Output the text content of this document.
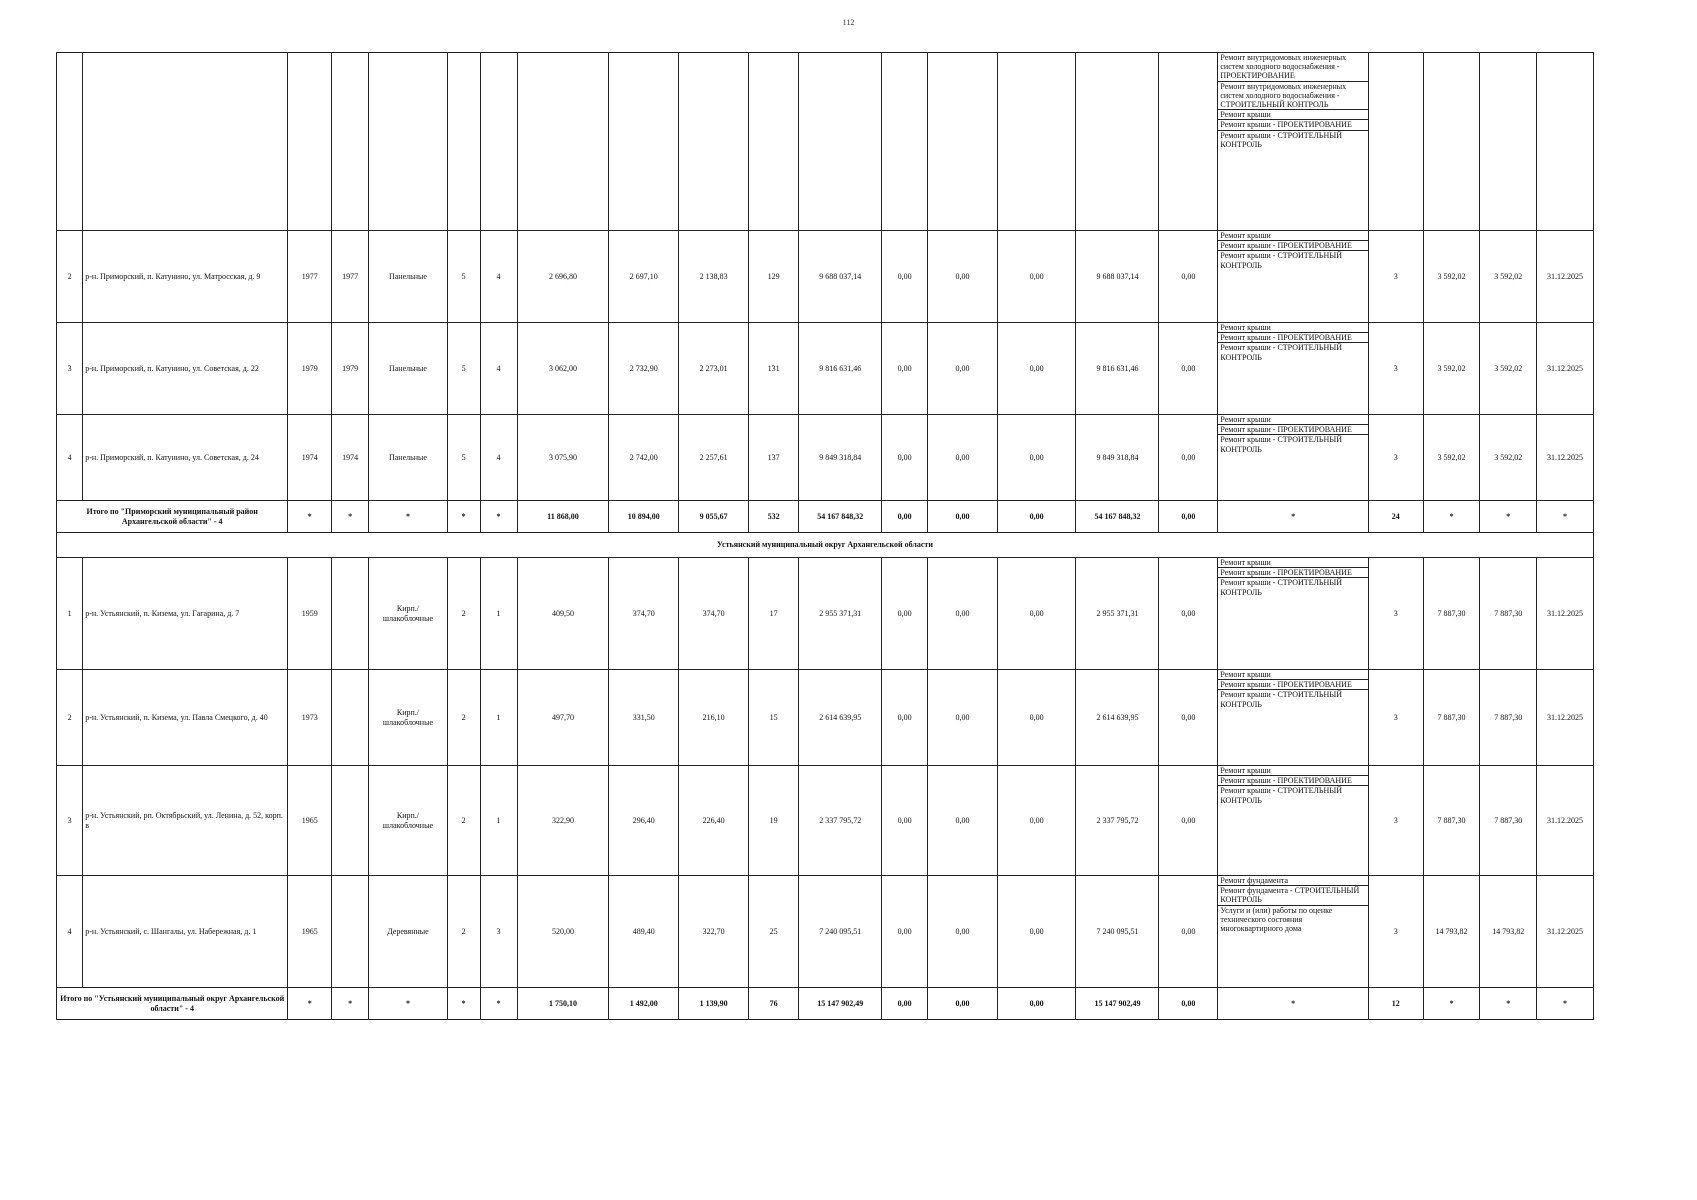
112

Ремонт внутридомовых инженерных систем холодного водоснабжения - ПРОЕКТИРОВАНИЕ
Ремонт внутридомовых инженерных систем холодного водоснабжения - СТРОИТЕЛЬНЫЙ КОНТРОЛЬ
Ремонт крыши
Ремонт крыши - ПРОЕКТИРОВАНИЕ
Ремонт крыши - СТРОИТЕЛЬНЫЙ КОНТРОЛЬ				

2	р-н. Приморский, п. Катунино, ул. Матросская, д. 9	1977	1977	Панельные	5	4	2 696,80	2 697,10	2 138,83	129	9 688 037,14	0,00	0,00	0,00	9 688 037,14	0,00	Ремонт крыши
Ремонт крыши - ПРОЕКТИРОВАНИЕ
Ремонт крыши - СТРОИТЕЛЬНЫЙ КОНТРОЛЬ	3	3 592,02	3 592,02	31.12.2025
3	р-н. Приморский, п. Катунино, ул. Советская, д. 22	1979	1979	Панельные	5	4	3 062,00	2 732,90	2 273,01	131	9 816 631,46	0,00	0,00	0,00	9 816 631,46	0,00	Ремонт крыши
Ремонт крыши - ПРОЕКТИРОВАНИЕ
Ремонт крыши - СТРОИТЕЛЬНЫЙ КОНТРОЛЬ	3	3 592,02	3 592,02	31.12.2025
4	р-н. Приморский, п. Катунино, ул. Советская, д. 24	1974	1974	Панельные	5	4	3 075,90	2 742,00	2 257,61	137	9 849 318,84	0,00	0,00	0,00	9 849 318,84	0,00	Ремонт крыши
Ремонт крыши - ПРОЕКТИРОВАНИЕ
Ремонт крыши - СТРОИТЕЛЬНЫЙ КОНТРОЛЬ	3	3 592,02	3 592,02	31.12.2025
Итого по "Приморский муниципальный район Архангельской области" - 4		*	*	*	*	*	11 868,00	10 894,00	9 055,67	532	54 167 848,32	0,00	0,00	0,00	54 167 848,32	0,00	*	24	*	*	*
Устьянский муниципальный округ Архангельской области																					
1	р-н. Устьянский, п. Кизема, ул. Гагарина, д. 7	1959		Кирп./ шлакоблочные	2	1	409,50	374,70	374,70	17	2 955 371,31	0,00	0,00	0,00	2 955 371,31	0,00	Ремонт крыши
Ремонт крыши - ПРОЕКТИРОВАНИЕ
Ремонт крыши - СТРОИТЕЛЬНЫЙ КОНТРОЛЬ	3	7 887,30	7 887,30	31.12.2025
2	р-н. Устьянский, п. Кизема, ул. Павла Смецкого, д. 40	1973		Кирп./ шлакоблочные	2	1	497,70	331,50	216,10	15	2 614 639,95	0,00	0,00	0,00	2 614 639,95	0,00	Ремонт крыши
Ремонт крыши - ПРОЕКТИРОВАНИЕ
Ремонт крыши - СТРОИТЕЛЬНЫЙ КОНТРОЛЬ	3	7 887,30	7 887,30	31.12.2025
3	р-н. Устьянский, рп. Октябрьский, ул. Ленина, д. 52, корп. в	1965		Кирп./ шлакоблочные	2	1	322,90	296,40	226,40	19	2 337 795,72	0,00	0,00	0,00	2 337 795,72	0,00	Ремонт крыши
Ремонт крыши - ПРОЕКТИРОВАНИЕ
Ремонт крыши - СТРОИТЕЛЬНЫЙ КОНТРОЛЬ	3	7 887,30	7 887,30	31.12.2025
4	р-н. Устьянский, с. Шангалы, ул. Набережная, д. 1	1965		Деревянные	2	3	520,00	489,40	322,70	25	7 240 095,51	0,00	0,00	0,00	7 240 095,51	0,00	Ремонт фундамента
Ремонт фундамента - СТРОИТЕЛЬНЫЙ КОНТРОЛЬ
Услуги и (или) работы по оценке технического состояния многоквартирного дома	3	14 793,82	14 793,82	31.12.2025
Итого по "Устьянский муниципальный округ Архангельской области" - 4		*	*	*	*	*	1 750,10	1 492,00	1 139,90	76	15 147 902,49	0,00	0,00	0,00	15 147 902,49	0,00	*	12	*	*	*
